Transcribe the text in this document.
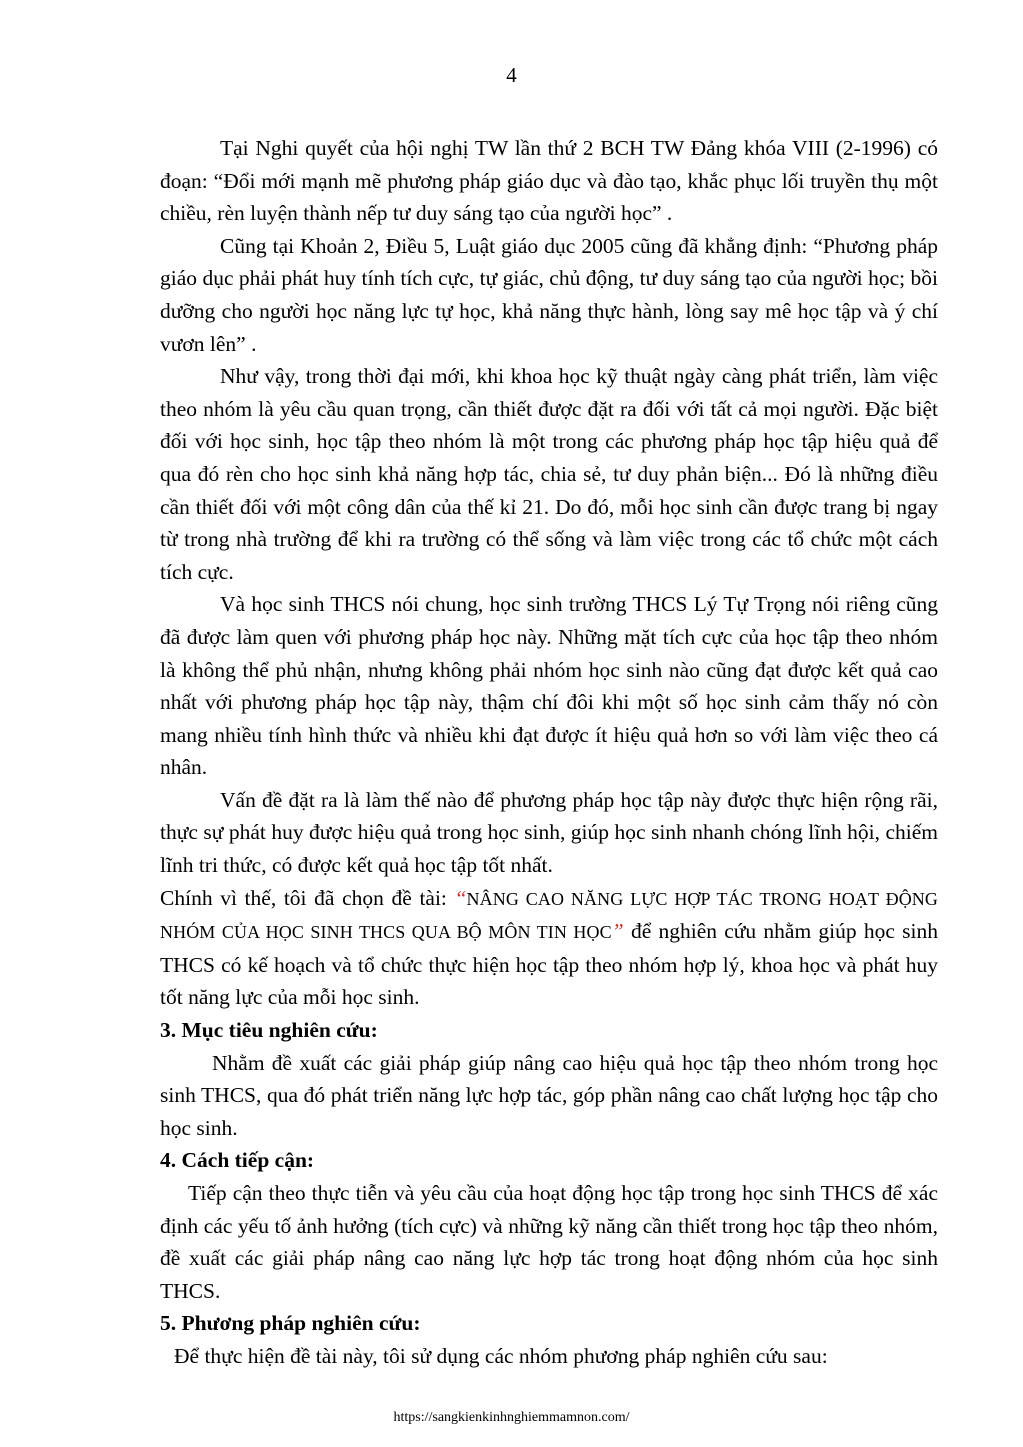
4

Tại Nghi quyết của hội nghị TW lần thứ 2 BCH TW Đảng khóa VIII (2-1996) có đoạn: “Đổi mới mạnh mẽ phương pháp giáo dục và đào tạo, khắc phục lối truyền thụ một chiều, rèn luyện thành nếp tư duy sáng tạo của người học” .

Cũng tại Khoản 2, Điều 5, Luật giáo dục 2005 cũng đã khẳng định: “Phương pháp giáo dục phải phát huy tính tích cực, tự giác, chủ động, tư duy sáng tạo của người học; bồi dưỡng cho người học năng lực tự học, khả năng thực hành, lòng say mê học tập và ý chí vươn lên” .

Như vậy, trong thời đại mới, khi khoa học kỹ thuật ngày càng phát triển, làm việc theo nhóm là yêu cầu quan trọng, cần thiết được đặt ra đối với tất cả mọi người. Đặc biệt đối với học sinh, học tập theo nhóm là một trong các phương pháp học tập hiệu quả để qua đó rèn cho học sinh khả năng hợp tác, chia sẻ, tư duy phản biện... Đó là những điều cần thiết đối với một công dân của thế kỉ 21. Do đó, mỗi học sinh cần được trang bị ngay từ trong nhà trường để khi ra trường có thể sống và làm việc trong các tổ chức một cách tích cực.

Và học sinh THCS nói chung, học sinh trường THCS Lý Tự Trọng nói riêng cũng đã được làm quen với phương pháp học này. Những mặt tích cực của học tập theo nhóm là không thể phủ nhận, nhưng không phải nhóm học sinh nào cũng đạt được kết quả cao nhất với phương pháp học tập này, thậm chí đôi khi một số học sinh cảm thấy nó còn mang nhiều tính hình thức và nhiều khi đạt được ít hiệu quả hơn so với làm việc theo cá nhân.

Vấn đề đặt ra là làm thế nào để phương pháp học tập này được thực hiện rộng rãi, thực sự phát huy được hiệu quả trong học sinh, giúp học sinh nhanh chóng lĩnh hội, chiếm lĩnh tri thức, có được kết quả học tập tốt nhất.

Chính vì thế, tôi đã chọn đề tài: “NÂNG CAO NĂNG LỰC HỢP TÁC TRONG HOẠT ĐỘNG NHÓM CỦA HỌC SINH THCS QUA BỘ MÔN TIN HỌC” để nghiên cứu nhằm giúp học sinh THCS có kế hoạch và tổ chức thực hiện học tập theo nhóm hợp lý, khoa học và phát huy tốt năng lực của mỗi học sinh.

3. Mục tiêu nghiên cứu:

Nhằm đề xuất các giải pháp giúp nâng cao hiệu quả học tập theo nhóm trong học sinh THCS, qua đó phát triển năng lực hợp tác, góp phần nâng cao chất lượng học tập cho học sinh.

4. Cách tiếp cận:

Tiếp cận theo thực tiễn và yêu cầu của hoạt động học tập trong học sinh THCS để xác định các yếu tố ảnh hưởng (tích cực) và những kỹ năng cần thiết trong học tập theo nhóm, đề xuất các giải pháp nâng cao năng lực hợp tác trong hoạt động nhóm của học sinh THCS.

5. Phương pháp nghiên cứu:

Để thực hiện đề tài này, tôi sử dụng các nhóm phương pháp nghiên cứu sau:

https://sangkienkinhnghiemmamnon.com/
